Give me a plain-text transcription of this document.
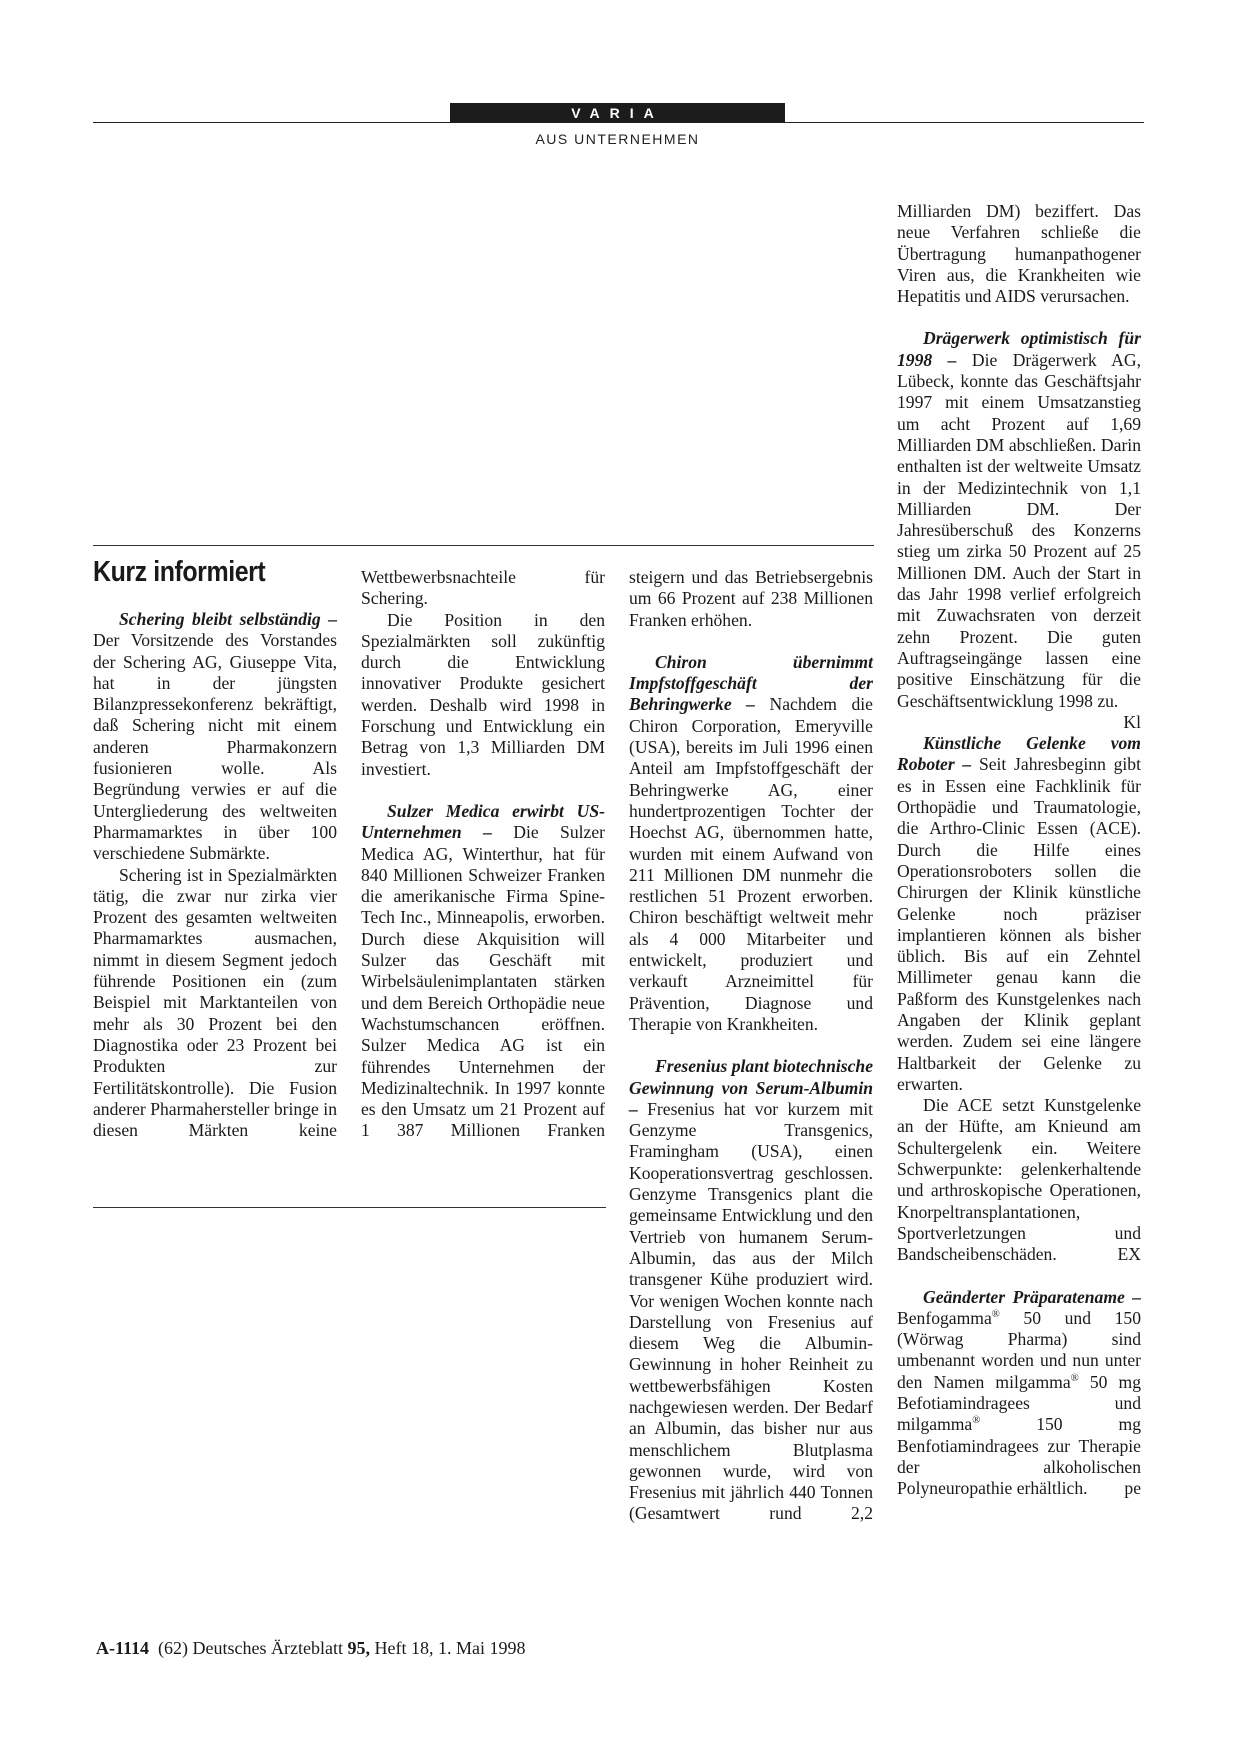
VARIA
AUS UNTERNEHMEN
Kurz informiert

Schering bleibt selbständig – Der Vorsitzende des Vorstandes der Schering AG, Giuseppe Vita, hat in der jüngsten Bilanzpressekonferenz bekräftigt, daß Schering nicht mit einem anderen Pharmakonzern fusionieren wolle. Als Begründung verwies er auf die Untergliederung des weltweiten Pharmamarktes in über 100 verschiedene Submärkte.

Schering ist in Spezialmärkten tätig, die zwar nur zirka vier Prozent des gesamten weltweiten Pharmamarktes ausmachen, nimmt in diesem Segment jedoch führende Positionen ein (zum Beispiel mit Marktanteilen von mehr als 30 Prozent bei den Diagnostika oder 23 Prozent bei Produkten zur Fertilitätskontrolle). Die Fusion anderer Pharmahersteller bringe in diesen Märkten keine

Wettbewerbsnachteile für Schering.

Die Position in den Spezialmärkten soll zukünftig durch die Entwicklung innovativer Produkte gesichert werden. Deshalb wird 1998 in Forschung und Entwicklung ein Betrag von 1,3 Milliarden DM investiert.

Sulzer Medica erwirbt US-Unternehmen – Die Sulzer Medica AG, Winterthur, hat für 840 Millionen Schweizer Franken die amerikanische Firma Spine-Tech Inc., Minneapolis, erworben. Durch diese Akquisition will Sulzer das Geschäft mit Wirbelsäulenimplantaten stärken und dem Bereich Orthopädie neue Wachstumschancen eröffnen. Sulzer Medica AG ist ein führendes Unternehmen der Medizinaltechnik. In 1997 konnte es den Umsatz um 21 Prozent auf 1 387 Millionen Franken

steigern und das Betriebsergebnis um 66 Prozent auf 238 Millionen Franken erhöhen.

Chiron übernimmt Impfstoffgeschäft der Behringwerke – Nachdem die Chiron Corporation, Emeryville (USA), bereits im Juli 1996 einen Anteil am Impfstoffgeschäft der Behringwerke AG, einer hundertprozentigen Tochter der Hoechst AG, übernommen hatte, wurden mit einem Aufwand von 211 Millionen DM nunmehr die restlichen 51 Prozent erworben. Chiron beschäftigt weltweit mehr als 4 000 Mitarbeiter und entwickelt, produziert und verkauft Arzneimittel für Prävention, Diagnose und Therapie von Krankheiten.

Fresenius plant biotechnische Gewinnung von Serum-Albumin – Fresenius hat vor kurzem mit Genzyme Transgenics, Framingham (USA), einen Kooperationsvertrag geschlossen. Genzyme Transgenics plant die gemeinsame Entwicklung und den Vertrieb von humanem Serum-Albumin, das aus der Milch transgener Kühe produziert wird. Vor wenigen Wochen konnte nach Darstellung von Fresenius auf diesem Weg die Albumin-Gewinnung in hoher Reinheit zu wettbewerbsfähigen Kosten nachgewiesen werden. Der Bedarf an Albumin, das bisher nur aus menschlichem Blutplasma gewonnen wurde, wird von Fresenius mit jährlich 440 Tonnen (Gesamtwert rund 2,2

Milliarden DM) beziffert. Das neue Verfahren schließe die Übertragung humanpathogener Viren aus, die Krankheiten wie Hepatitis und AIDS verursachen.

Drägerwerk optimistisch für 1998 – Die Drägerwerk AG, Lübeck, konnte das Geschäftsjahr 1997 mit einem Umsatzanstieg um acht Prozent auf 1,69 Milliarden DM abschließen. Darin enthalten ist der weltweite Umsatz in der Medizintechnik von 1,1 Milliarden DM. Der Jahresüberschuß des Konzerns stieg um zirka 50 Prozent auf 25 Millionen DM. Auch der Start in das Jahr 1998 verlief erfolgreich mit Zuwachsraten von derzeit zehn Prozent. Die guten Auftragseingänge lassen eine positive Einschätzung für die Geschäftsentwicklung 1998 zu.
Kl

Künstliche Gelenke vom Roboter – Seit Jahresbeginn gibt es in Essen eine Fachklinik für Orthopädie und Traumatologie, die Arthro-Clinic Essen (ACE). Durch die Hilfe eines Operationsroboters sollen die Chirurgen der Klinik künstliche Gelenke noch präziser implantieren können als bisher üblich. Bis auf ein Zehntel Millimeter genau kann die Paßform des Kunstgelenkes nach Angaben der Klinik geplant werden. Zudem sei eine längere Haltbarkeit der Gelenke zu erwarten.

Die ACE setzt Kunstgelenke an der Hüfte, am Knieund am Schultergelenk ein. Weitere Schwerpunkte: gelenkerhaltende und arthroskopische Operationen, Knorpeltransplantationen, Sportverletzungen und Bandscheibenschäden.	EX

Geänderter Präparatename – Benfogamma® 50 und 150 (Wörwag Pharma) sind umbenannt worden und nun unter den Namen milgamma® 50 mg Befotiamindragees und milgamma® 150 mg Benfotiamindragees zur Therapie der alkoholischen Polyneuropathie erhältlich.	pe

A-1114 (62) Deutsches Ärzteblatt 95, Heft 18, 1. Mai 1998
